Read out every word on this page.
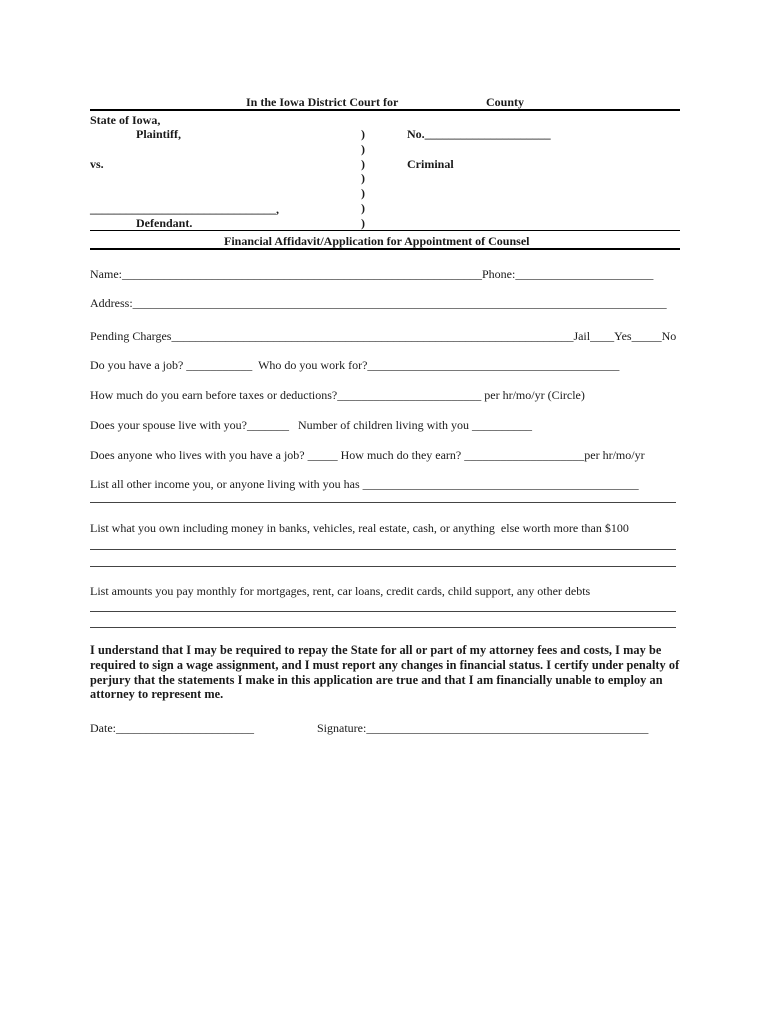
In the Iowa District Court for	County
State of Iowa,
Plaintiff,
vs.
_______________________________,
Defendant.
)
)
)
)
)
)
)
No._____________________
Criminal
Financial Affidavit/Application for Appointment of Counsel
Name:____________________________________________________________Phone:_______________________
Address:_________________________________________________________________________________________
Pending Charges___________________________________________________________________Jail____Yes_____No
Do you have a job? ___________  Who do you work for?__________________________________________
How much do you earn before taxes or deductions?________________________ per hr/mo/yr (Circle)
Does your spouse live with you?_______   Number of children living with you __________
Does anyone who lives with you have a job? _____ How much do they earn? ____________________per hr/mo/yr
List all other income you, or anyone living with you has ______________________________________________
List what you own including money in banks, vehicles, real estate, cash, or anything  else worth more than $100
List amounts you pay monthly for mortgages, rent, car loans, credit cards, child support, any other debts
I understand that I may be required to repay the State for all or part of my attorney fees and costs, I may be required to sign a wage assignment, and I must report any changes in financial status. I certify under penalty of perjury that the statements I make in this application are true and that I am financially unable to employ an attorney to represent me.
Date:_______________________	Signature:_______________________________________________
